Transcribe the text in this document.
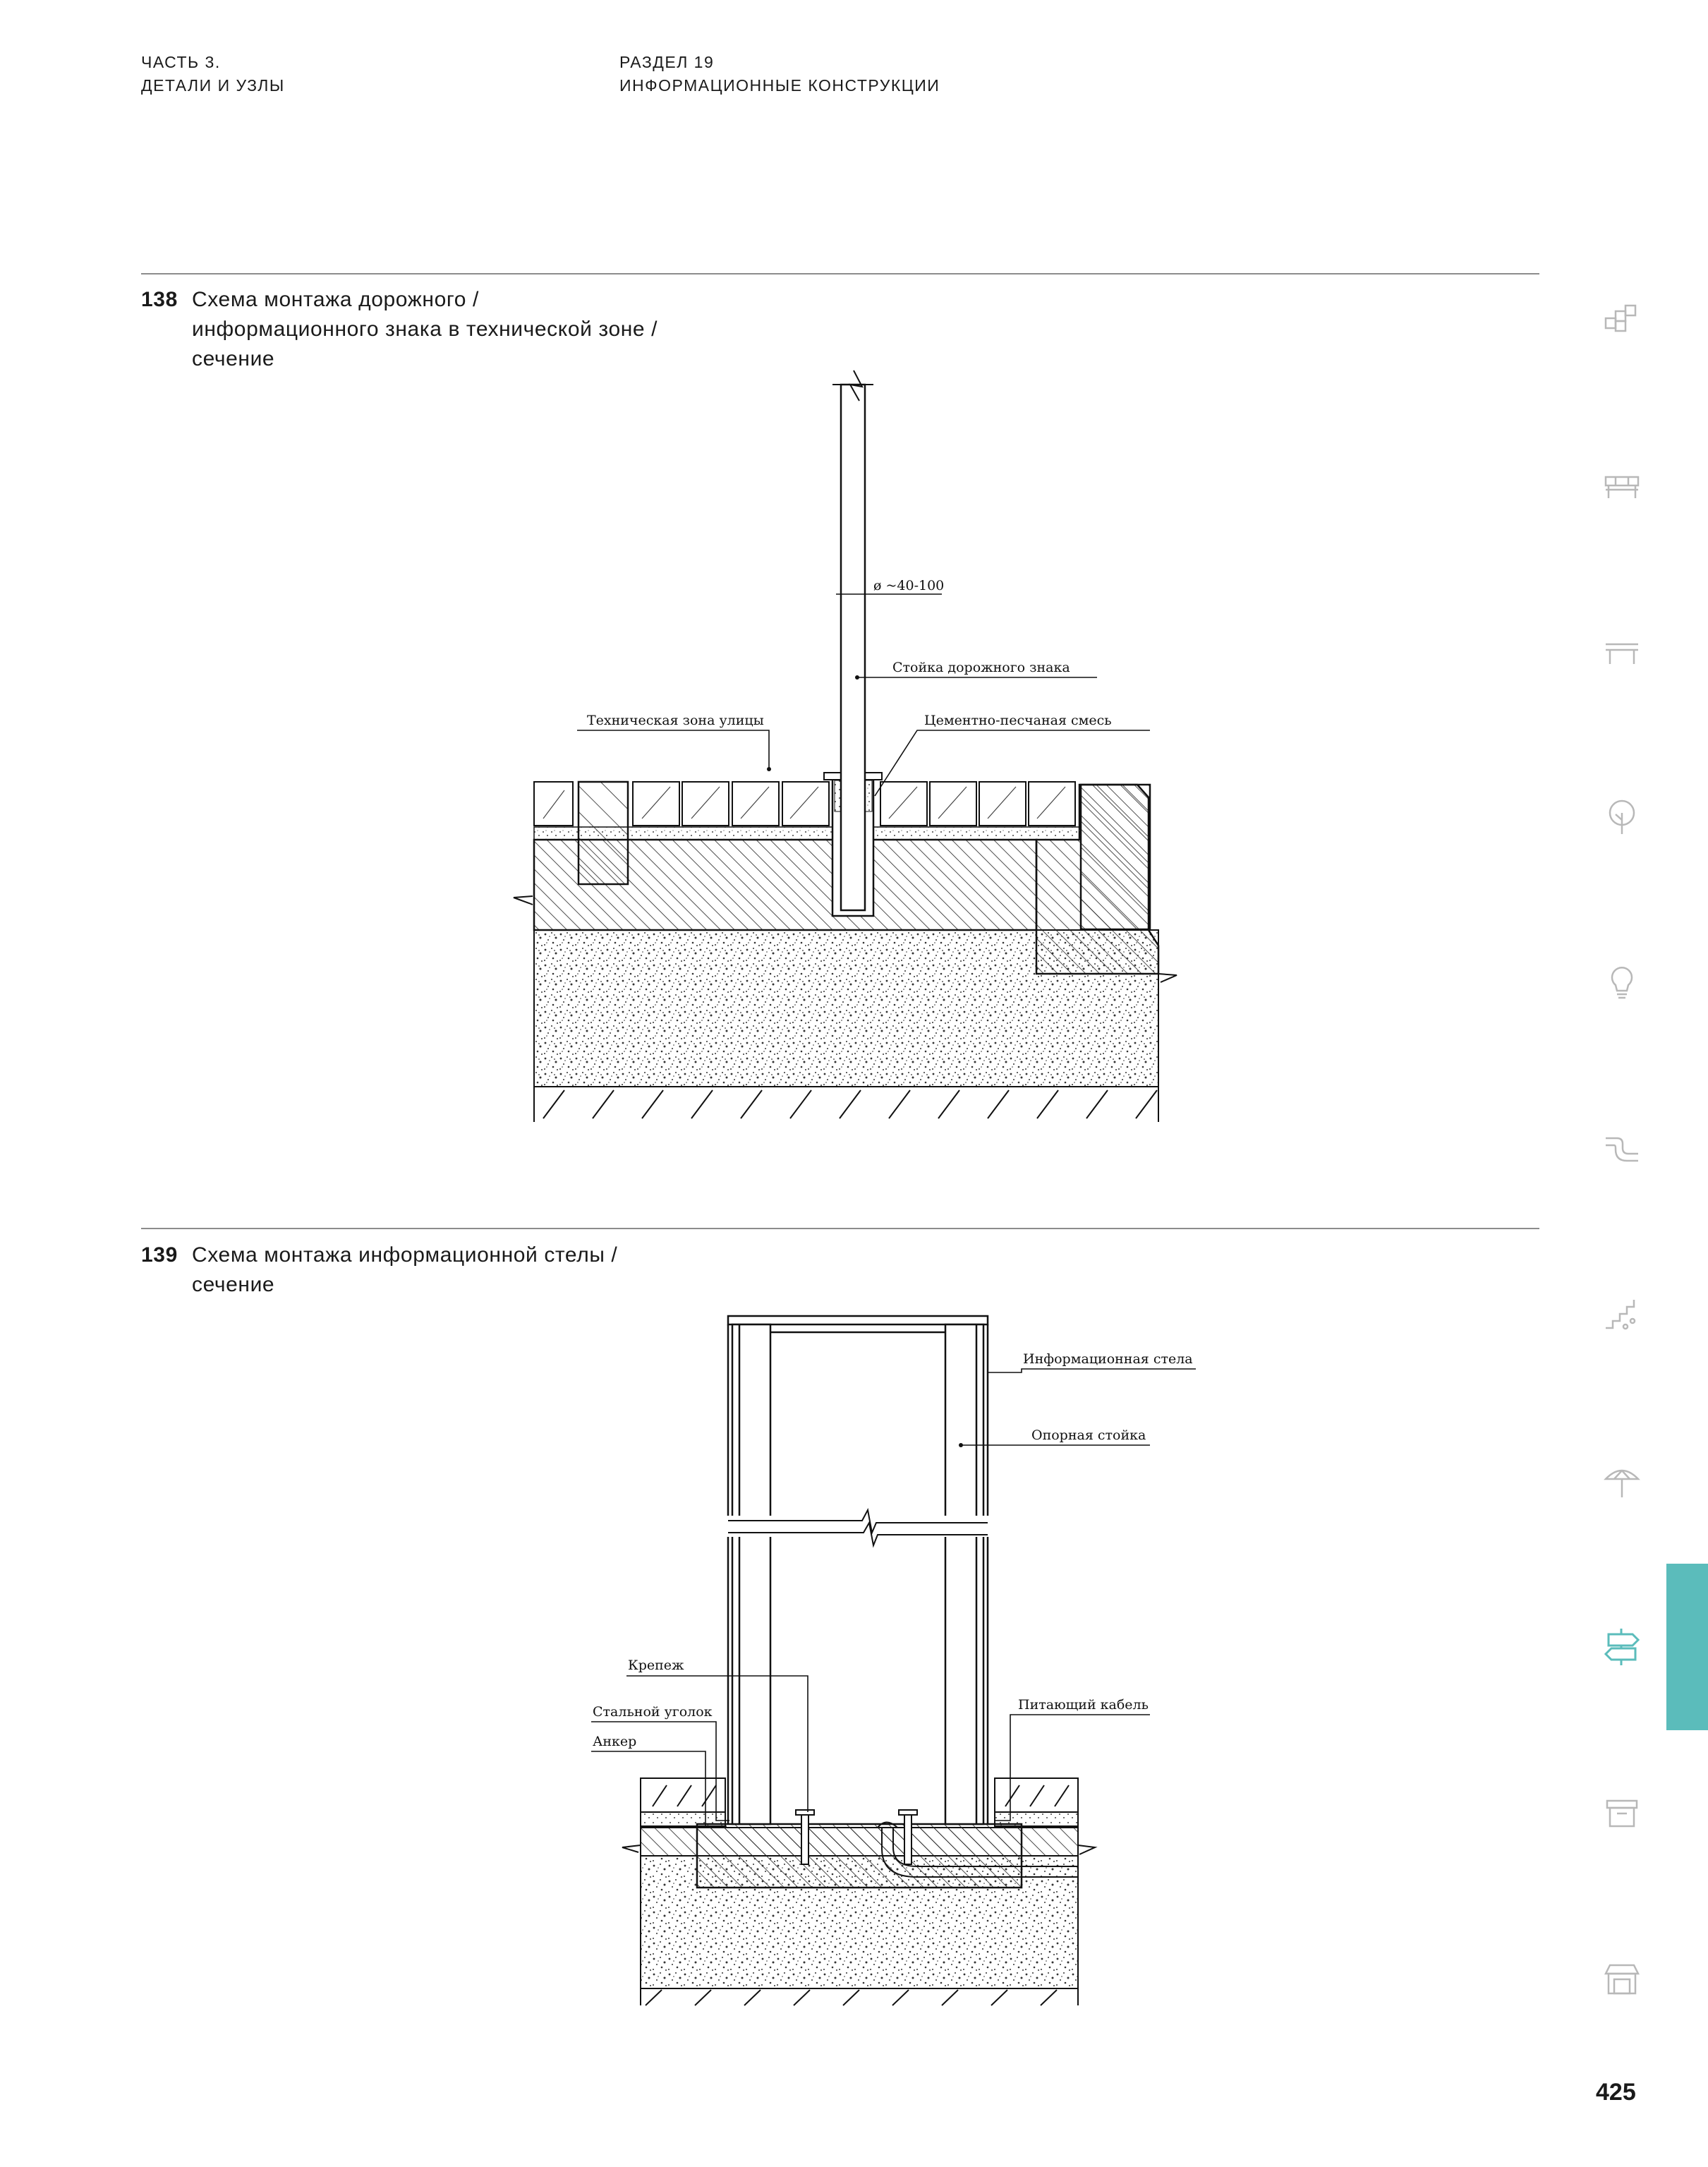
ЧАСТЬ 3.
ДЕТАЛИ И УЗЛЫ
РАЗДЕЛ 19
ИНФОРМАЦИОННЫЕ КОНСТРУКЦИИ
138 Схема монтажа дорожного /
информационного знака в технической зоне /
сечение
ø ~40-100
Стойка дорожного знака
Техническая зона улицы	Цементно-песчаная смесь
139 Схема монтажа информационной стелы /
сечение
Информационная стела
Опорная стойка
Крепеж
Стальной уголок
Анкер
Питающий кабель
425
